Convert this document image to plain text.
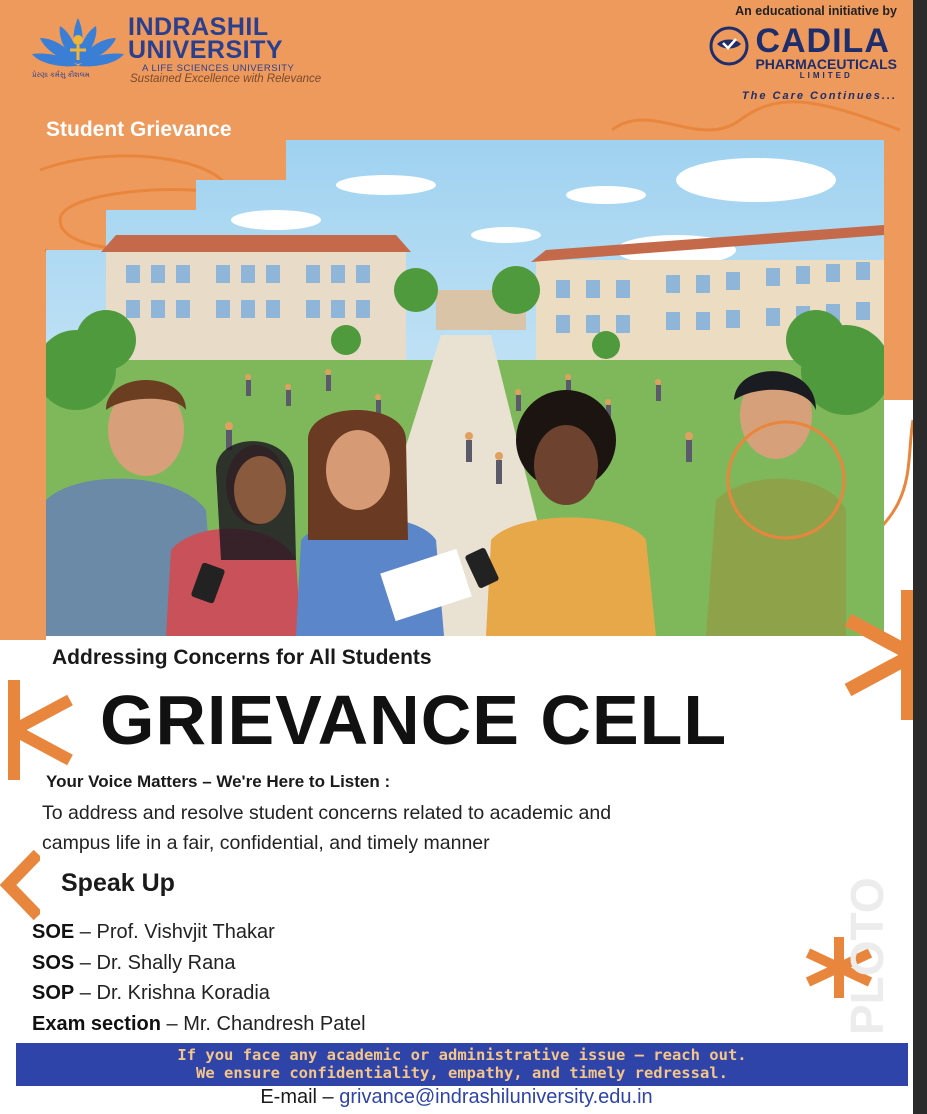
પ્રેરણા કર્મસુ કૌશલમ
INDRASHIL
UNIVERSITY
A LIFE SCIENCES UNIVERSITY
Sustained Excellence with Relevance
An educational initiative by
CADILA
PHARMACEUTICALS
LIMITED
The Care Continues...
Student Grievance
PLOTO
Addressing Concerns for All Students
GRIEVANCE CELL
Your Voice Matters – We're Here to Listen :
To address and resolve student concerns related to academic and
campus life in a fair, confidential, and timely manner
Speak Up
SOE – Prof. Vishvjit Thakar
SOS – Dr. Shally Rana
SOP – Dr. Krishna Koradia
Exam section – Mr. Chandresh Patel
If you face any academic or administrative issue – reach out.
We ensure confidentiality, empathy, and timely redressal.
E-mail – grivance@indrashiluniversity.edu.in
